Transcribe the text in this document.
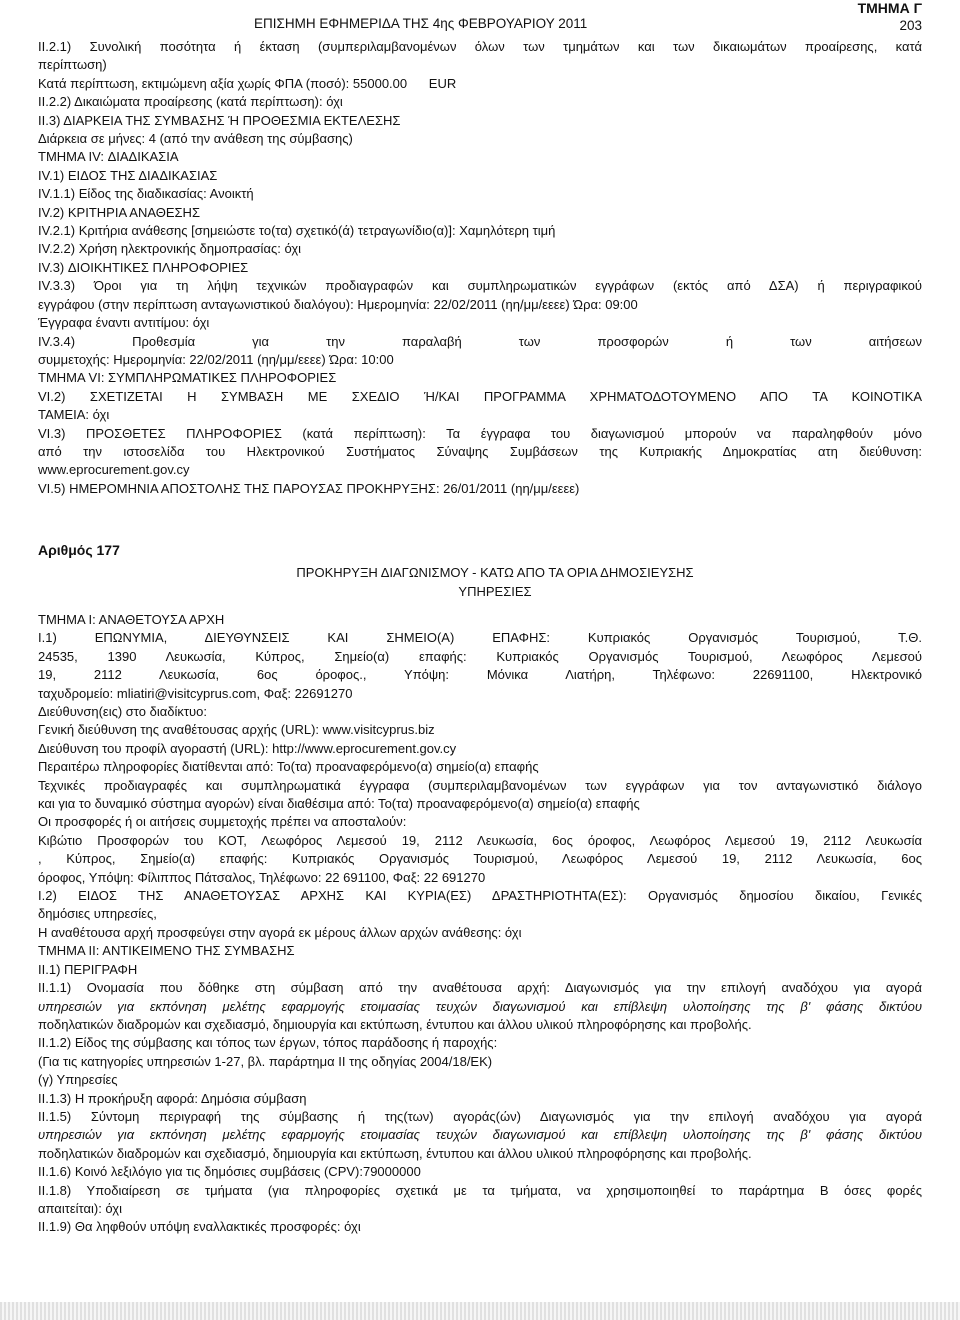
ΕΠΙΣΗΜΗ ΕΦΗΜΕΡΙΔΑ ΤΗΣ 4ης ΦΕΒΡΟΥΑΡΙΟΥ 2011
ΤΜΗΜΑ Γ
203
ΙΙ.2.1) Συνολική ποσότητα ή έκταση (συμπεριλαμβανομένων όλων των τμημάτων και των δικαιωμάτων προαίρεσης, κατά
περίπτωση)
Κατά περίπτωση, εκτιμώμενη αξία χωρίς ΦΠΑ (ποσό): 55000.00      EUR
ΙΙ.2.2) Δικαιώματα προαίρεσης (κατά περίπτωση): όχι
ΙΙ.3) ΔΙΑΡΚΕΙΑ ΤΗΣ ΣΥΜΒΑΣΗΣ Ή ΠΡΟΘΕΣΜΙΑ ΕΚΤΕΛΕΣΗΣ
Διάρκεια σε μήνες: 4 (από την ανάθεση της σύμβασης)
ΤΜΗΜΑ IV: ΔΙΑΔΙΚΑΣΙΑ
IV.1) ΕΙΔΟΣ ΤΗΣ ΔΙΑΔΙΚΑΣΙΑΣ
IV.1.1) Είδος της διαδικασίας: Ανοικτή
IV.2) ΚΡΙΤΗΡΙΑ ΑΝΑΘΕΣΗΣ
IV.2.1) Κριτήρια ανάθεσης [σημειώστε το(τα) σχετικό(ά) τετραγωνίδιο(α)]: Χαμηλότερη τιμή
IV.2.2) Χρήση ηλεκτρονικής δημοπρασίας: όχι
IV.3) ΔΙΟΙΚΗΤΙΚΕΣ ΠΛΗΡΟΦΟΡΙΕΣ
IV.3.3) Όροι για τη λήψη τεχνικών προδιαγραφών και συμπληρωματικών εγγράφων (εκτός από ΔΣΑ) ή περιγραφικού
εγγράφου (στην περίπτωση ανταγωνιστικού διαλόγου): Ημερομηνία: 22/02/2011 (ηη/μμ/εεεε) Ώρα: 09:00
Έγγραφα έναντι αντιτίμου: όχι
IV.3.4) Προθεσμία για την παραλαβή των προσφορών ή των αιτήσεων
συμμετοχής: Ημερομηνία: 22/02/2011 (ηη/μμ/εεεε) Ώρα: 10:00
ΤΜΗΜΑ VI: ΣΥΜΠΛΗΡΩΜΑΤΙΚΕΣ ΠΛΗΡΟΦΟΡΙΕΣ
VI.2) ΣΧΕΤΙΖΕΤΑΙ Η ΣΥΜΒΑΣΗ ΜΕ ΣΧΕΔΙΟ Ή/ΚΑΙ ΠΡΟΓΡΑΜΜΑ ΧΡΗΜΑΤΟΔΟΤΟΥΜΕΝΟ ΑΠΟ ΤΑ ΚΟΙΝΟΤΙΚΑ
ΤΑΜΕΙΑ: όχι
VI.3) ΠΡΟΣΘΕΤΕΣ ΠΛΗΡΟΦΟΡΙΕΣ (κατά περίπτωση): Τα έγγραφα του διαγωνισμού μπορούν να παραληφθούν μόνο
από την ιστοσελίδα του Ηλεκτρονικού Συστήματος Σύναψης Συμβάσεων της Κυπριακής Δημοκρατίας ατη διεύθυνση:
www.eprocurement.gov.cy
VI.5) ΗΜΕΡΟΜΗΝΙΑ ΑΠΟΣΤΟΛΗΣ ΤΗΣ ΠΑΡΟΥΣΑΣ ΠΡΟΚΗΡΥΞΗΣ: 26/01/2011 (ηη/μμ/εεεε)
Αριθμός 177
ΠΡΟΚΗΡΥΞΗ ΔΙΑΓΩΝΙΣΜΟΥ - ΚΑΤΩ ΑΠΟ ΤΑ ΟΡΙΑ ΔΗΜΟΣΙΕΥΣΗΣ
ΥΠΗΡΕΣΙΕΣ
ΤΜΗΜΑ Ι: ΑΝΑΘΕΤΟΥΣΑ ΑΡΧΗ
Ι.1) ΕΠΩΝΥΜΙΑ, ΔΙΕΥΘΥΝΣΕΙΣ ΚΑΙ ΣΗΜΕΙΟ(Α) ΕΠΑΦΗΣ: Κυπριακός Οργανισμός Τουρισμού, Τ.Θ.
24535, 1390 Λευκωσία, Κύπρος, Σημείο(α) επαφής: Κυπριακός Οργανισμός Τουρισμού, Λεωφόρος Λεμεσού
19, 2112 Λευκωσία, 6ος όροφος., Υπόψη: Μόνικα Λιατήρη, Τηλέφωνο: 22691100, Ηλεκτρονικό
ταχυδρομείο: mliatiri@visitcyprus.com, Φαξ: 22691270
Διεύθυνση(εις) στο διαδίκτυο:
Γενική διεύθυνση της αναθέτουσας αρχής (URL): www.visitcyprus.biz
Διεύθυνση του προφίλ αγοραστή (URL): http://www.eprocurement.gov.cy
Περαιτέρω πληροφορίες διατίθενται από: Το(τα) προαναφερόμενο(α) σημείο(α) επαφής
Τεχνικές προδιαγραφές και συμπληρωματικά έγγραφα (συμπεριλαμβανομένων των εγγράφων για τον ανταγωνιστικό διάλογο
και για το δυναμικό σύστημα αγορών) είναι διαθέσιμα από: Το(τα) προαναφερόμενο(α) σημείο(α) επαφής
Οι προσφορές ή οι αιτήσεις συμμετοχής πρέπει να αποσταλούν:
Κιβώτιο Προσφορών του ΚΟΤ, Λεωφόρος Λεμεσού 19, 2112 Λευκωσία, 6ος όροφος, Λεωφόρος Λεμεσού 19, 2112 Λευκωσία
, Κύπρος, Σημείο(α) επαφής: Κυπριακός Οργανισμός Τουρισμού, Λεωφόρος Λεμεσού 19, 2112 Λευκωσία, 6ος
όροφος, Υπόψη: Φίλιππος Πάτσαλος, Τηλέφωνο: 22 691100, Φαξ: 22 691270
Ι.2) ΕΙΔΟΣ ΤΗΣ ΑΝΑΘΕΤΟΥΣΑΣ ΑΡΧΗΣ ΚΑΙ ΚΥΡΙΑ(ΕΣ) ΔΡΑΣΤΗΡΙΟΤΗΤΑ(ΕΣ): Οργανισμός δημοσίου δικαίου, Γενικές
δημόσιες υπηρεσίες,
Η αναθέτουσα αρχή προσφεύγει στην αγορά εκ μέρους άλλων αρχών ανάθεσης: όχι
ΤΜΗΜΑ ΙΙ: ΑΝΤΙΚΕΙΜΕΝΟ ΤΗΣ ΣΥΜΒΑΣΗΣ
ΙΙ.1) ΠΕΡΙΓΡΑΦΗ
ΙΙ.1.1) Ονομασία που δόθηκε στη σύμβαση από την αναθέτουσα αρχή: Διαγωνισμός για την επιλογή αναδόχου για αγορά
υπηρεσιών για εκπόνηση μελέτης εφαρμογής ετοιμασίας τευχών διαγωνισμού και επίβλεψη υλοποίησης της β' φάσης δικτύου
ποδηλατικών διαδρομών και σχεδιασμό, δημιουργία και εκτύπωση, έντυπου και άλλου υλικού πληροφόρησης και προβολής.
ΙΙ.1.2) Είδος της σύμβασης και τόπος των έργων, τόπος παράδοσης ή παροχής:
(Για τις κατηγορίες υπηρεσιών 1-27, βλ. παράρτημα ΙΙ της οδηγίας 2004/18/ΕΚ)
(γ) Υπηρεσίες
ΙΙ.1.3) Η προκήρυξη αφορά: Δημόσια σύμβαση
ΙΙ.1.5) Σύντομη περιγραφή της σύμβασης ή της(των) αγοράς(ών) Διαγωνισμός για την επιλογή αναδόχου για αγορά
υπηρεσιών για εκπόνηση μελέτης εφαρμογής ετοιμασίας τευχών διαγωνισμού και επίβλεψη υλοποίησης της β' φάσης δικτύου
ποδηλατικών διαδρομών και σχεδιασμό, δημιουργία και εκτύπωση, έντυπου και άλλου υλικού πληροφόρησης και προβολής.
ΙΙ.1.6) Κοινό λεξιλόγιο για τις δημόσιες συμβάσεις (CPV):79000000
ΙΙ.1.8) Υποδιαίρεση σε τμήματα (για πληροφορίες σχετικά με τα τμήματα, να χρησιμοποιηθεί το παράρτημα Β όσες φορές
απαιτείται): όχι
ΙΙ.1.9) Θα ληφθούν υπόψη εναλλακτικές προσφορές: όχι
